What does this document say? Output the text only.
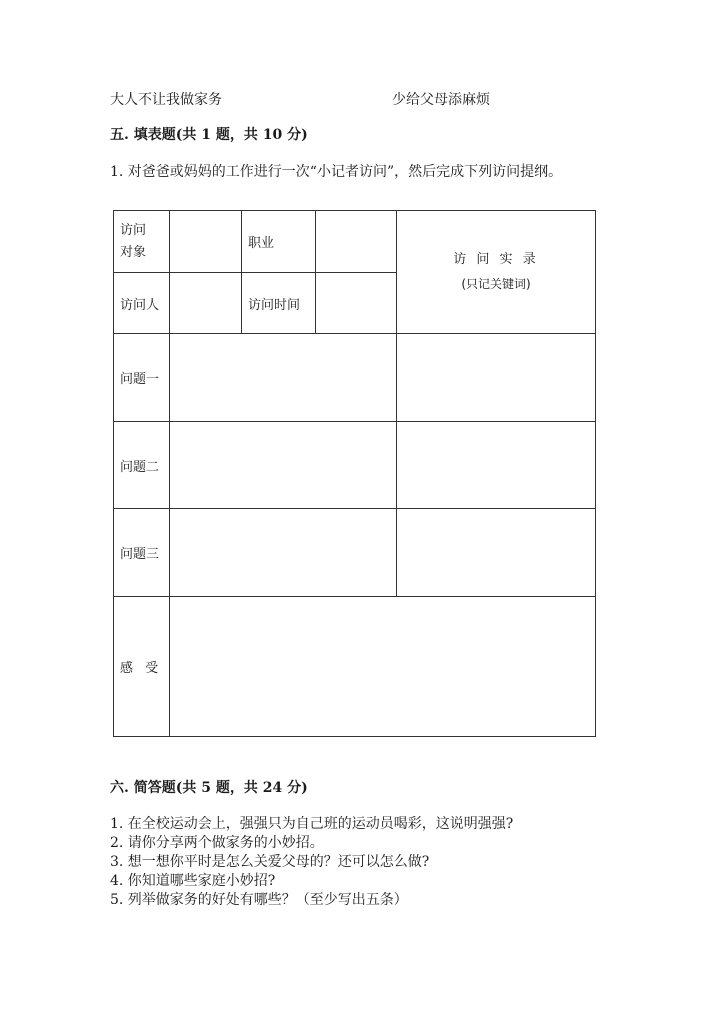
大人不让我做家务	少给父母添麻烦
五. 填表题(共 1 题，共 10 分)
1. 对爸爸或妈妈的工作进行一次“小记者访问”，然后完成下列访问提纲。
访问
对象		职业		访 问 实 录
(只记关键词)
访问人		访问时间		
问题一				
问题二				
问题三				
感 受				
六. 简答题(共 5 题，共 24 分)
1. 在全校运动会上，强强只为自己班的运动员喝彩，这说明强强?
2. 请你分享两个做家务的小妙招。
3. 想一想你平时是怎么关爱父母的？还可以怎么做?
4. 你知道哪些家庭小妙招?
5. 列举做家务的好处有哪些？（至少写出五条）
